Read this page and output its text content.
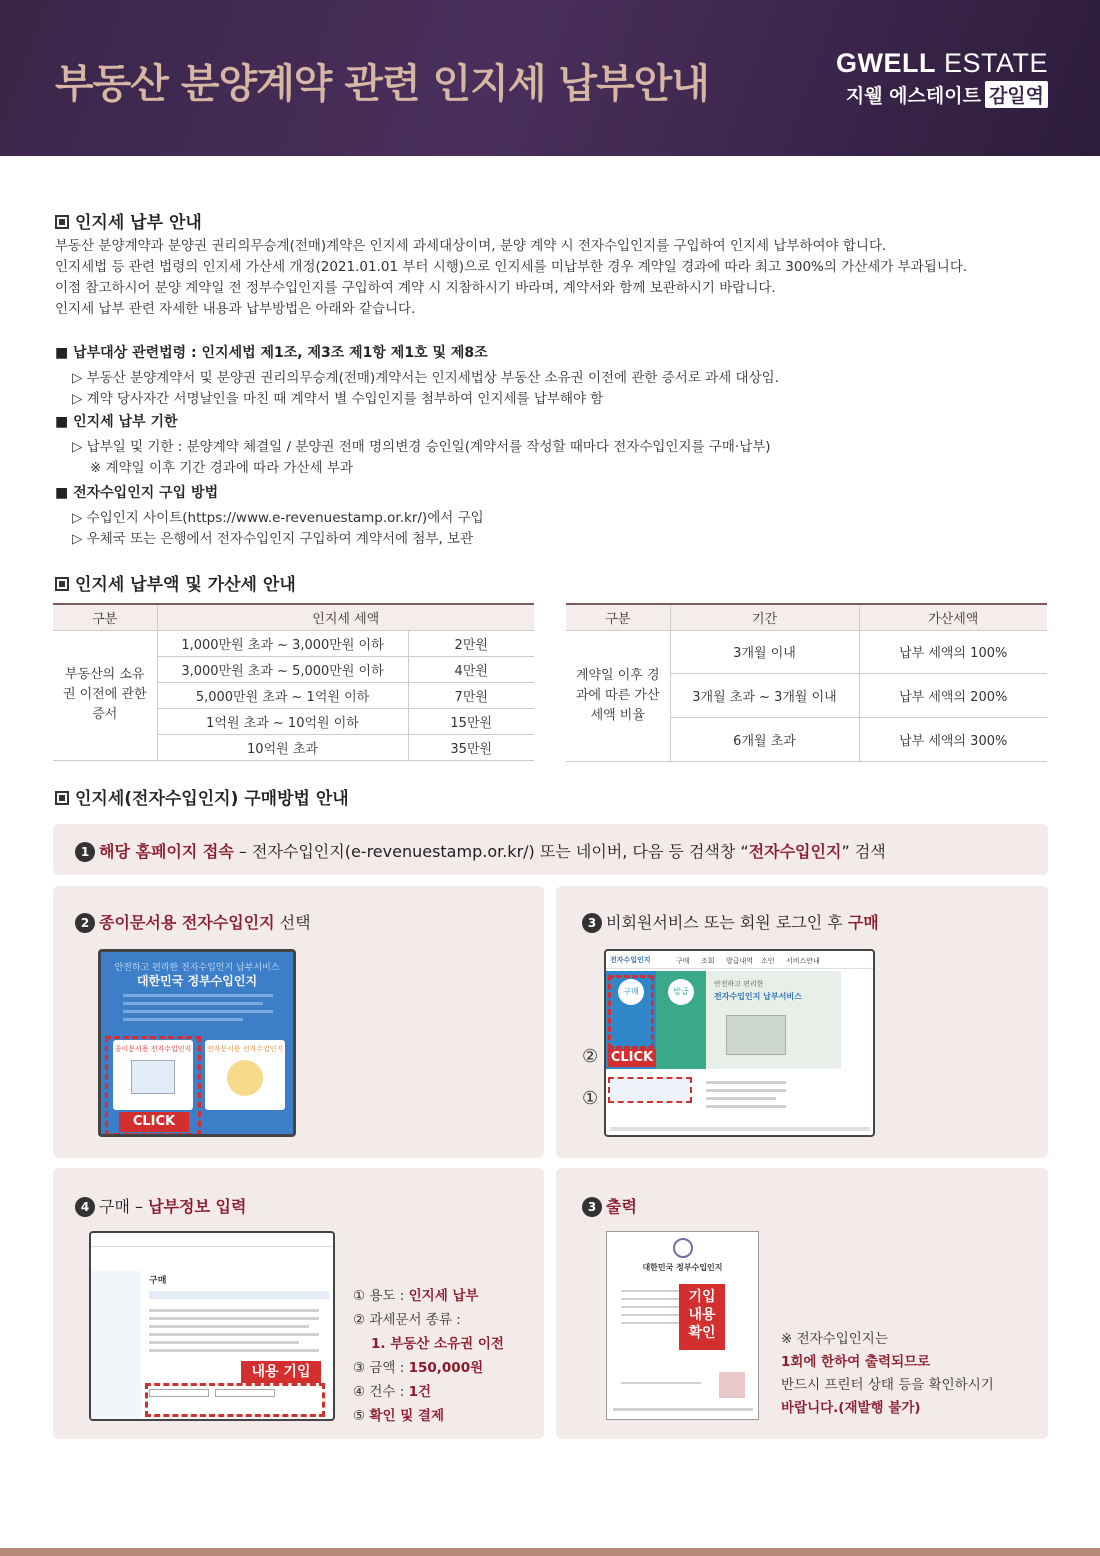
부동산 분양계약 관련 인지세 납부안내	GWELL ESTATE
지웰 에스테이트 감일역
인지세 납부 안내
부동산 분양계약과 분양권 권리의무승계(전매)계약은 인지세 과세대상이며, 분양 계약 시 전자수입인지를 구입하여 인지세 납부하여야 합니다.
인지세법 등 관련 법령의 인지세 가산세 개정(2021.01.01 부터 시행)으로 인지세를 미납부한 경우 계약일 경과에 따라 최고 300%의 가산세가 부과됩니다.
이점 참고하시어 분양 계약일 전 정부수입인지를 구입하여 계약 시 지참하시기 바라며, 계약서와 함께 보관하시기 바랍니다.
인지세 납부 관련 자세한 내용과 납부방법은 아래와 같습니다.
■ 납부대상 관련법령 : 인지세법 제1조, 제3조 제1항 제1호 및 제8조
▷ 부동산 분양계약서 및 분양권 권리의무승계(전매)계약서는 인지세법상 부동산 소유권 이전에 관한 증서로 과세 대상임.
▷ 계약 당사자간 서명날인을 마친 때 계약서 별 수입인지를 첨부하여 인지세를 납부해야 함
■ 인지세 납부 기한
▷ 납부일 및 기한 : 분양계약 체결일 / 분양권 전매 명의변경 승인일(계약서를 작성할 때마다 전자수입인지를 구매·납부)
※ 계약일 이후 기간 경과에 따라 가산세 부과
■ 전자수입인지 구입 방법
▷ 수입인지 사이트(https://www.e-revenuestamp.or.kr/)에서 구입
▷ 우체국 또는 은행에서 전자수입인지 구입하여 계약서에 첨부, 보관
인지세 납부액 및 가산세 안내
구분	인지세 세액	
부동산의 소유권 이전에 관한 증서	1,000만원 초과 ~ 3,000만원 이하	2만원
	3,000만원 초과 ~ 5,000만원 이하	4만원
	5,000만원 초과 ~ 1억원 이하	7만원
	1억원 초과 ~ 10억원 이하	15만원
	10억원 초과	35만원
구분	기간	가산세액
계약일 이후 경과에 따른 가산세액 비율	3개월 이내	납부 세액의 100%
	3개월 초과 ~ 3개월 이내	납부 세액의 200%
	6개월 초과	납부 세액의 300%
인지세(전자수입인지) 구매방법 안내
1 해당 홈페이지 접속 – 전자수입인지(e-revenuestamp.or.kr/) 또는 네이버, 다음 등 검색창 “전자수입인지” 검색
2 종이문서용 전자수입인지 선택
안전하고 편리한 전자수입인지 납부서비스
대한민국 정부수입인지
종이문서용 전자수입인지 전자문서용 전자수입인지
CLICK
3 비회원서비스 또는 회원 로그인 후 구매
②
①
전자수입인지	구매 조회 발급내역 소인 서비스안내
구매	발급
안전하고 편리한
전자수입인지 납부서비스
CLICK
4 구매 – 납부정보 입력
구매
내용 기입
① 용도 : 인지세 납부
② 과세문서 종류 :
1. 부동산 소유권 이전
③ 금액 : 150,000원
④ 건수 : 1건
⑤ 확인 및 결제
3 출력
대한민국 정부수입인지
기입
내용
확인	※ 전자수입인지는
1회에 한하여 출력되므로
반드시 프린터 상태 등을 확인하시기
바랍니다.(재발행 불가)
